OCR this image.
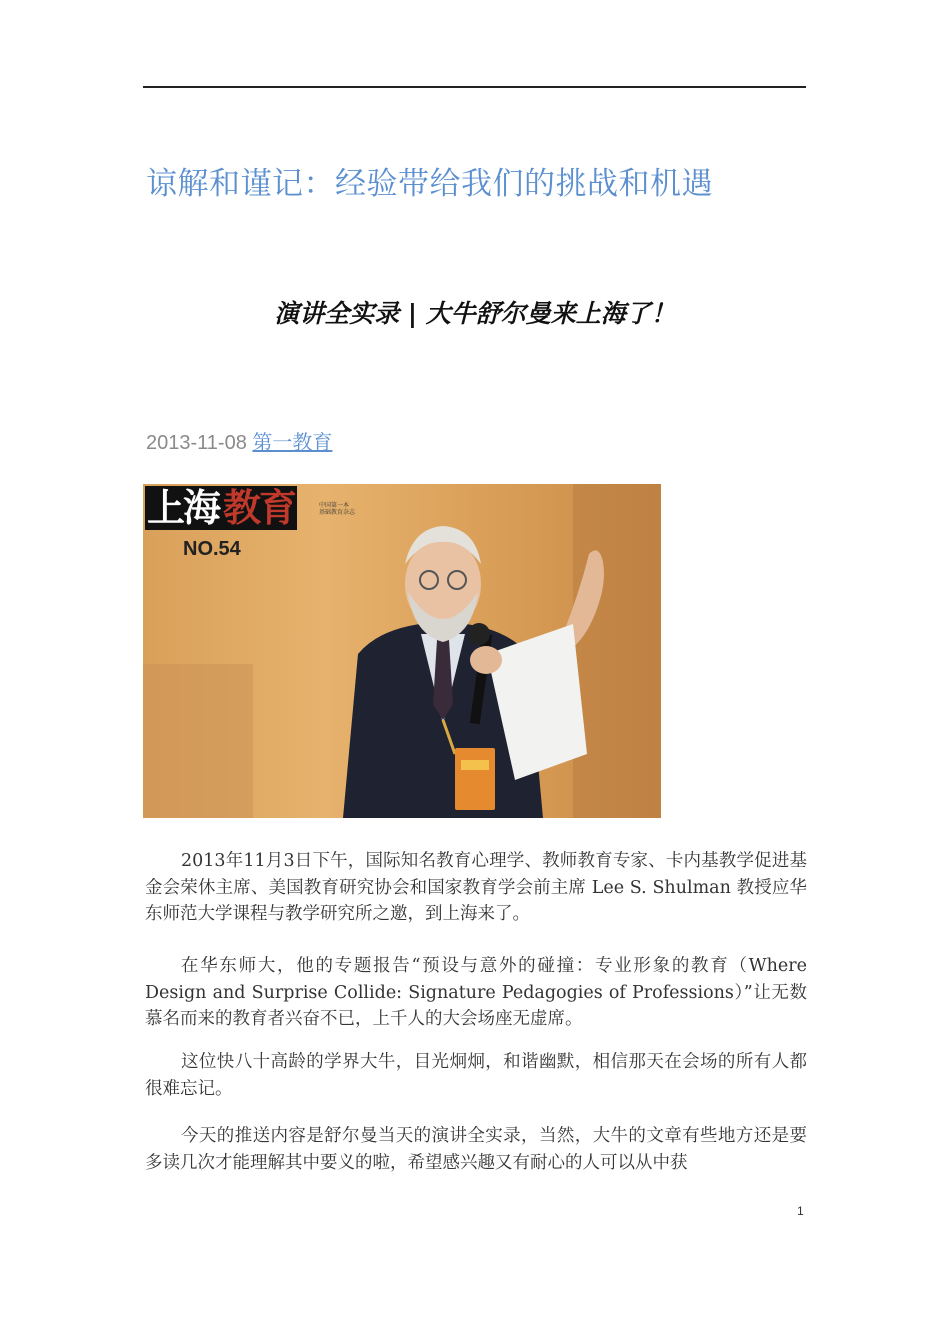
谅解和谨记：经验带给我们的挑战和机遇
演讲全实录 | 大牛舒尔曼来上海了！
2013-11-08 第一教育
上海 教育	中国第一本
基础教育杂志
NO.54

2013年11月3日下午，国际知名教育心理学、教师教育专家、卡内基教学促进基金会荣休主席、美国教育研究协会和国家教育学会前主席 Lee S. Shulman 教授应华东师范大学课程与教学研究所之邀，到上海来了。

在华东师大，他的专题报告“预设与意外的碰撞：专业形象的教育（Where Design and Surprise Collide: Signature Pedagogies of Professions）”让无数慕名而来的教育者兴奋不已，上千人的大会场座无虚席。

这位快八十高龄的学界大牛，目光炯炯，和谐幽默，相信那天在会场的所有人都很难忘记。

今天的推送内容是舒尔曼当天的演讲全实录，当然，大牛的文章有些地方还是要多读几次才能理解其中要义的啦，希望感兴趣又有耐心的人可以从中获

1
